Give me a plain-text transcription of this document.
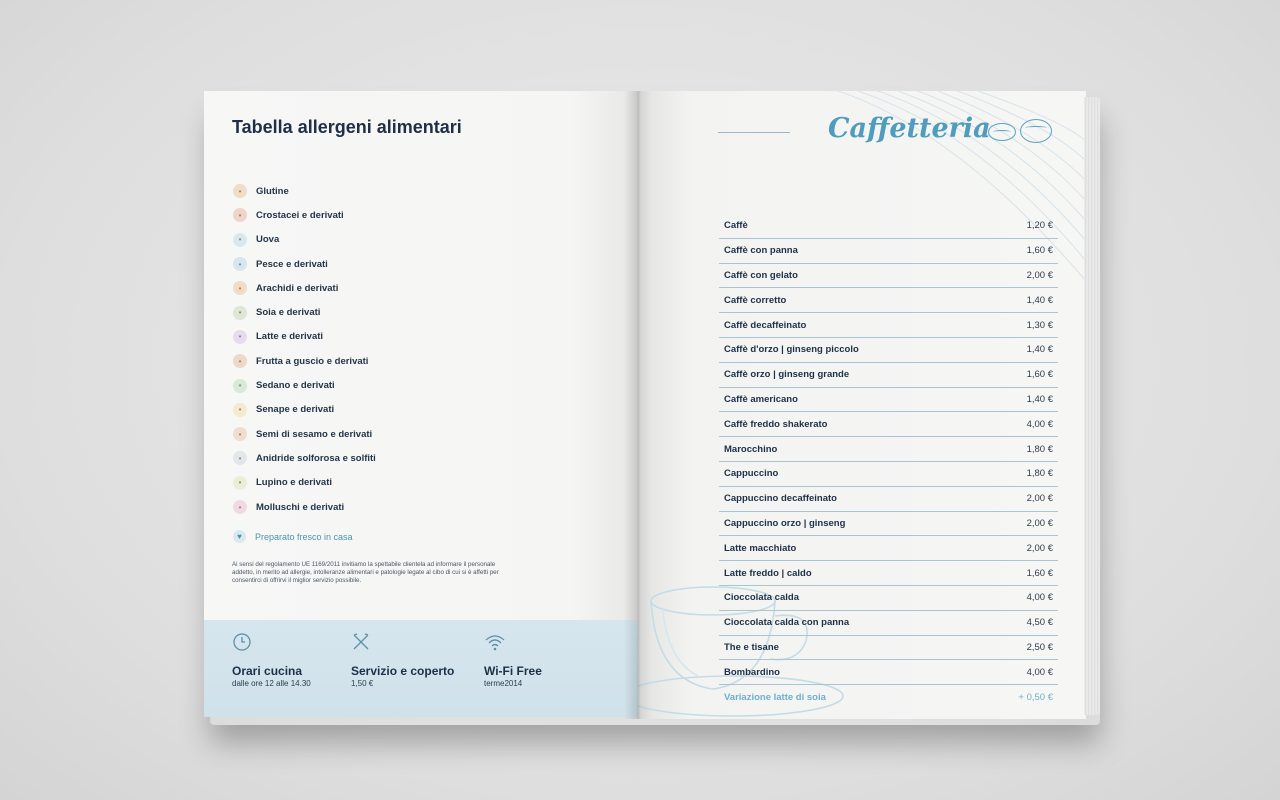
Tabella allergeni alimentari
•	Glutine
•	Crostacei e derivati
•	Uova
•	Pesce e derivati
•	Arachidi e derivati
•	Soia e derivati
•	Latte e derivati
•	Frutta a guscio e derivati
•	Sedano e derivati
•	Senape e derivati
•	Semi di sesamo e derivati
•	Anidride solforosa e solfiti
•	Lupino e derivati
•	Molluschi e derivati
♥	Preparato fresco in casa
Ai sensi del regolamento UE 1169/2011 invitiamo la spettabile clientela ad informare il personale addetto, in merito ad allergie, intolleranze alimentari e patologie legate al cibo di cui si è affetti per consentirci di offrirvi il miglior servizio possibile.
Orari cucina
dalle ore 12 alle 14.30
Servizio e coperto
1,50 €
Wi-Fi Free
terme2014
Caffetteria
Caffè	1,20 €
Caffè con panna	1,60 €
Caffè con gelato	2,00 €
Caffè corretto	1,40 €
Caffè decaffeinato	1,30 €
Caffè d'orzo | ginseng piccolo	1,40 €
Caffè orzo | ginseng grande	1,60 €
Caffè americano	1,40 €
Caffè freddo shakerato	4,00 €
Marocchino	1,80 €
Cappuccino	1,80 €
Cappuccino decaffeinato	2,00 €
Cappuccino orzo | ginseng	2,00 €
Latte macchiato	2,00 €
Latte freddo | caldo	1,60 €
Cioccolata calda	4,00 €
Cioccolata calda con panna	4,50 €
The e tisane	2,50 €
Bombardino	4,00 €
Variazione latte di soia	+ 0,50 €
